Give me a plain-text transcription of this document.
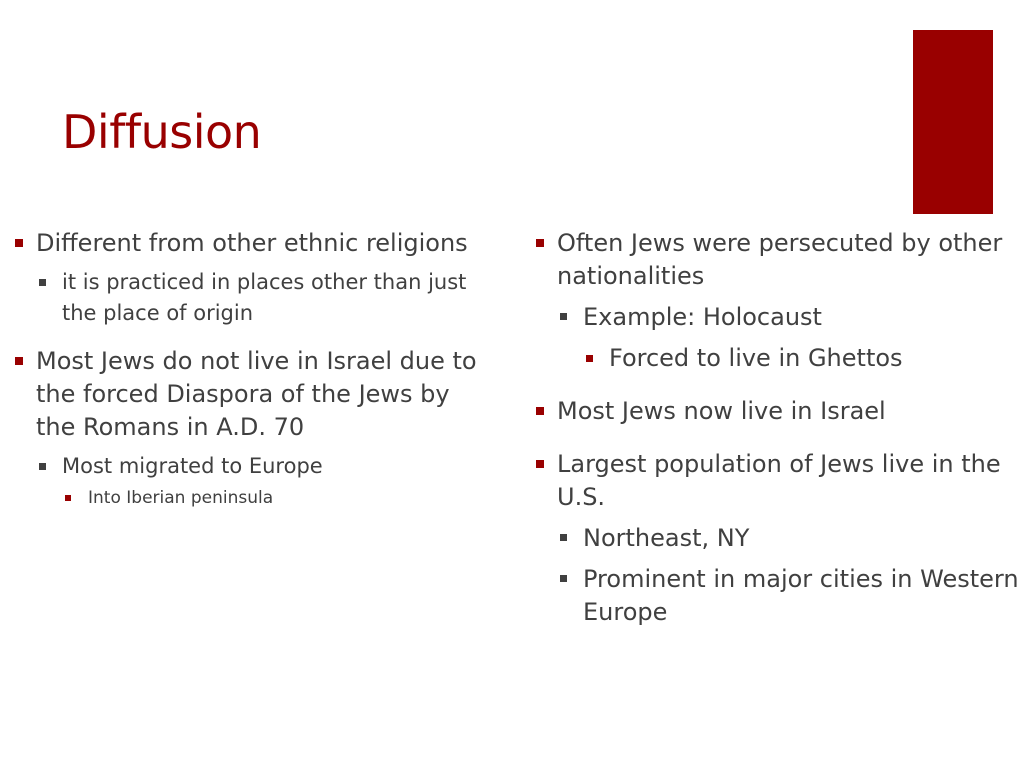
Diffusion
Different from other ethnic religions
it is practiced in places other than just the place of origin
Most Jews do not live in Israel due to the forced Diaspora of the Jews by the Romans in A.D. 70
Most migrated to Europe
Into Iberian peninsula
Often Jews were persecuted by other nationalities
Example: Holocaust
Forced to live in Ghettos
Most Jews now live in Israel
Largest population of Jews live in the U.S.
Northeast, NY
Prominent in major cities in Western Europe
